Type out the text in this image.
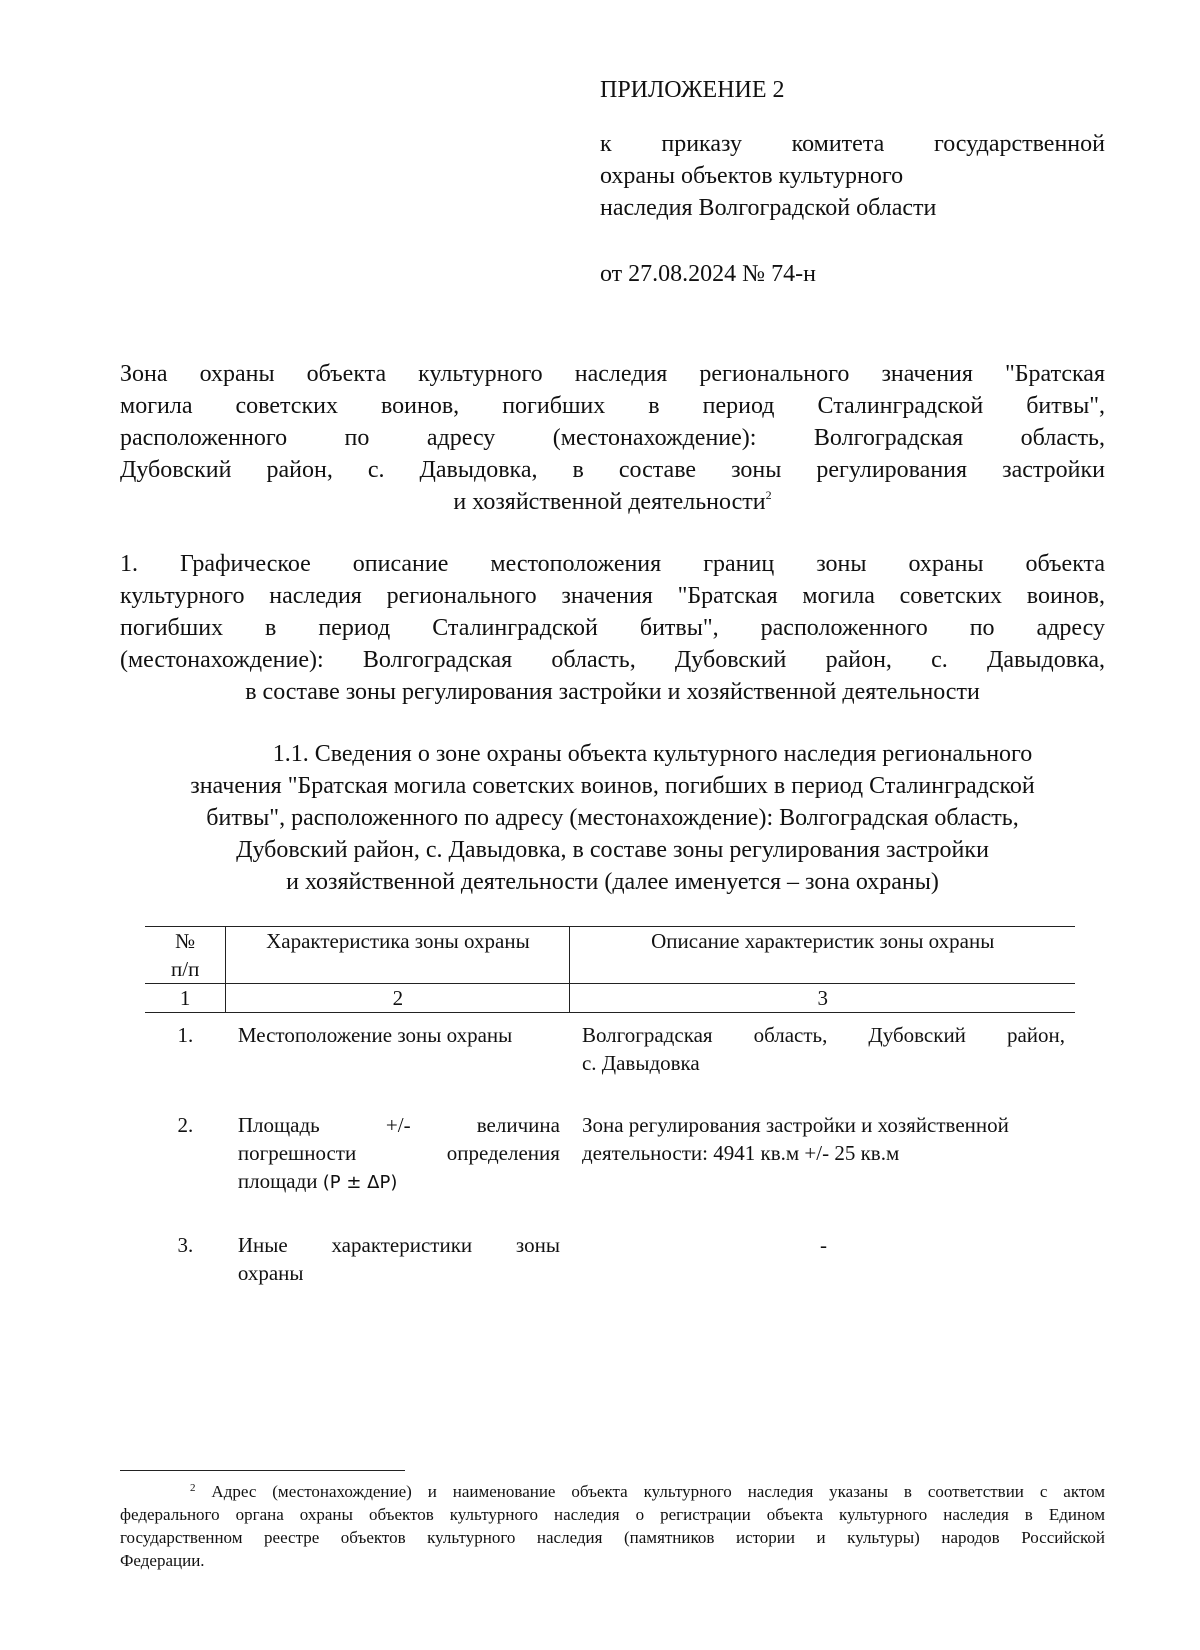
ПРИЛОЖЕНИЕ 2
к приказу комитета государственной
охраны объектов культурного
наследия Волгоградской области
от 27.08.2024 № 74-н
Зона охраны объекта культурного наследия регионального значения "Братская
могила советских воинов, погибших в период Сталинградской битвы",
расположенного по адресу (местонахождение): Волгоградская область,
Дубовский район, с. Давыдовка, в составе зоны регулирования застройки
и хозяйственной деятельности$^2$
1. Графическое описание местоположения границ зоны охраны объекта
культурного наследия регионального значения "Братская могила советских воинов,
погибших в период Сталинградской битвы", расположенного по адресу
(местонахождение): Волгоградская область, Дубовский район, с. Давыдовка,
в составе зоны регулирования застройки и хозяйственной деятельности
1.1. Сведения о зоне охраны объекта культурного наследия регионального
значения "Братская могила советских воинов, погибших в период Сталинградской
битвы", расположенного по адресу (местонахождение): Волгоградская область,
Дубовский район, с. Давыдовка, в составе зоны регулирования застройки
и хозяйственной деятельности (далее именуется – зона охраны)
№
п/п	Характеристика зоны охраны	Описание характеристик зоны охраны
1	2	3
1.	Местоположение зоны охраны	Волгоградская область, Дубовский район,
с. Давыдовка

2.	Площадь +/- величина
погрешности определения
площади (P ± ΔP)	Зона регулирования застройки и хозяйственной
деятельности: 4941 кв.м +/- 25 кв.м

3.	Иные характеристики зоны
охраны	-
$^2$ Адрес (местонахождение) и наименование объекта культурного наследия указаны в соответствии с актом
федерального органа охраны объектов культурного наследия о регистрации объекта культурного наследия в Едином
государственном реестре объектов культурного наследия (памятников истории и культуры) народов Российской
Федерации.
